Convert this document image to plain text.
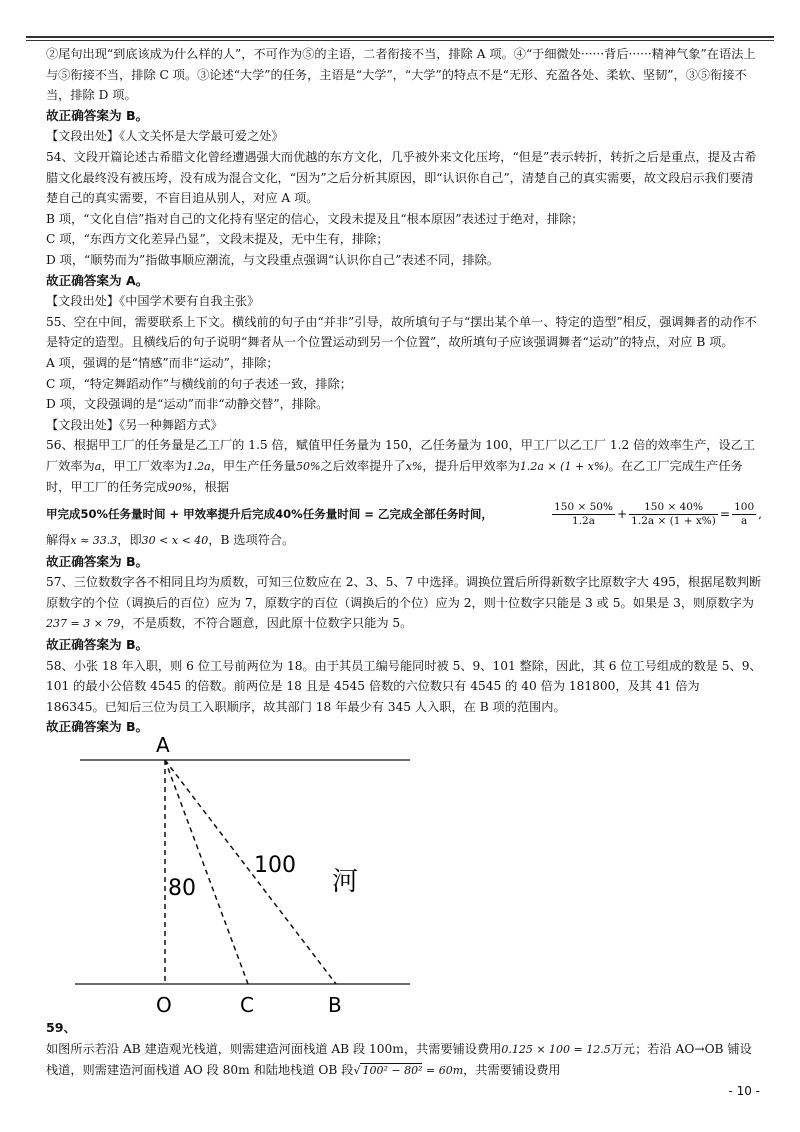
②尾句出现“到底该成为什么样的人”，不可作为⑤的主语，二者衔接不当，排除 A 项。④“于细微处······背后······精神气象”在语法上与⑤衔接不当，排除 C 项。③论述“大学”的任务，主语是“大学”，“大学”的特点不是“无形、充盈各处、柔软、坚韧”，③⑤衔接不当，排除 D 项。

故正确答案为 B。

【文段出处】《人文关怀是大学最可爱之处》

54、文段开篇论述古希腊文化曾经遭遇强大而优越的东方文化，几乎被外来文化压垮，“但是”表示转折，转折之后是重点，提及古希腊文化最终没有被压垮，没有成为混合文化，“因为”之后分析其原因，即“认识你自己”，清楚自己的真实需要，故文段启示我们要清楚自己的真实需要，不盲目追从别人，对应 A 项。

B 项，“文化自信”指对自己的文化持有坚定的信心，文段未提及且“根本原因”表述过于绝对，排除；

C 项，“东西方文化差异凸显”，文段未提及，无中生有，排除；

D 项，“顺势而为”指做事顺应潮流，与文段重点强调“认识你自己”表述不同，排除。

故正确答案为 A。

【文段出处】《中国学术要有自我主张》

55、空在中间，需要联系上下文。横线前的句子由“并非”引导，故所填句子与“摆出某个单一、特定的造型”相反，强调舞者的动作不是特定的造型。且横线后的句子说明“舞者从一个位置运动到另一个位置”，故所填句子应该强调舞者“运动”的特点，对应 B 项。

A 项，强调的是“情感”而非“运动”，排除；

C 项，“特定舞蹈动作”与横线前的句子表述一致，排除；

D 项，文段强调的是“运动”而非“动静交替”，排除。

【文段出处】《另一种舞蹈方式》

56、根据甲工厂的任务量是乙工厂的 1.5 倍，赋值甲任务量为 150，乙任务量为 100，甲工厂以乙工厂 1.2 倍的效率生产，设乙工厂效率为a，甲工厂效率为1.2a，甲生产任务量50%之后效率提升了x%，提升后甲效率为1.2a × (1 + x%)。在乙工厂完成生产任务时，甲工厂的任务完成90%，根据

甲完成50%任务量时间 + 甲效率提升后完成40%任务量时间 = 乙完成全部任务时间，	$\frac{150 \times 50\%}{1.2a} + \frac{150 \times 40\%}{1.2a \times (1 + x\%)} = \frac{100}{a}$ ,

解得x ≈ 33.3，即30 < x < 40，B 选项符合。

故正确答案为 B。

57、三位数数字各不相同且均为质数，可知三位数应在 2、3、5、7 中选择。调换位置后所得新数字比原数字大 495，根据尾数判断原数字的个位（调换后的百位）应为 7，原数字的百位（调换后的个位）应为 2，则十位数字只能是 3 或 5。如果是 3，则原数字为237 = 3 × 79，不是质数，不符合题意，因此原十位数字只能为 5。

故正确答案为 B。

58、小张 18 年入职，则 6 位工号前两位为 18。由于其员工编号能同时被 5、9、101 整除，因此，其 6 位工号组成的数是 5、9、101 的最小公倍数 4545 的倍数。前两位是 18 且是 4545 倍数的六位数只有 4545 的 40 倍为 181800，及其 41 倍为 186345。已知后三位为员工入职顺序，故其部门 18 年最少有 345 人入职，在 B 项的范围内。

故正确答案为 B。

A
O	C	B
80
100
河

59、

如图所示若沿 AB 建造观光栈道，则需建造河面栈道 AB 段 100m，共需要铺设费用0.125 × 100 = 12.5万元；若沿 AO→OB 铺设栈道，则需建造河面栈道 AO 段 80m 和陆地栈道 OB 段√ 100² − 80² = 60m，共需要铺设费用

- 10 -
